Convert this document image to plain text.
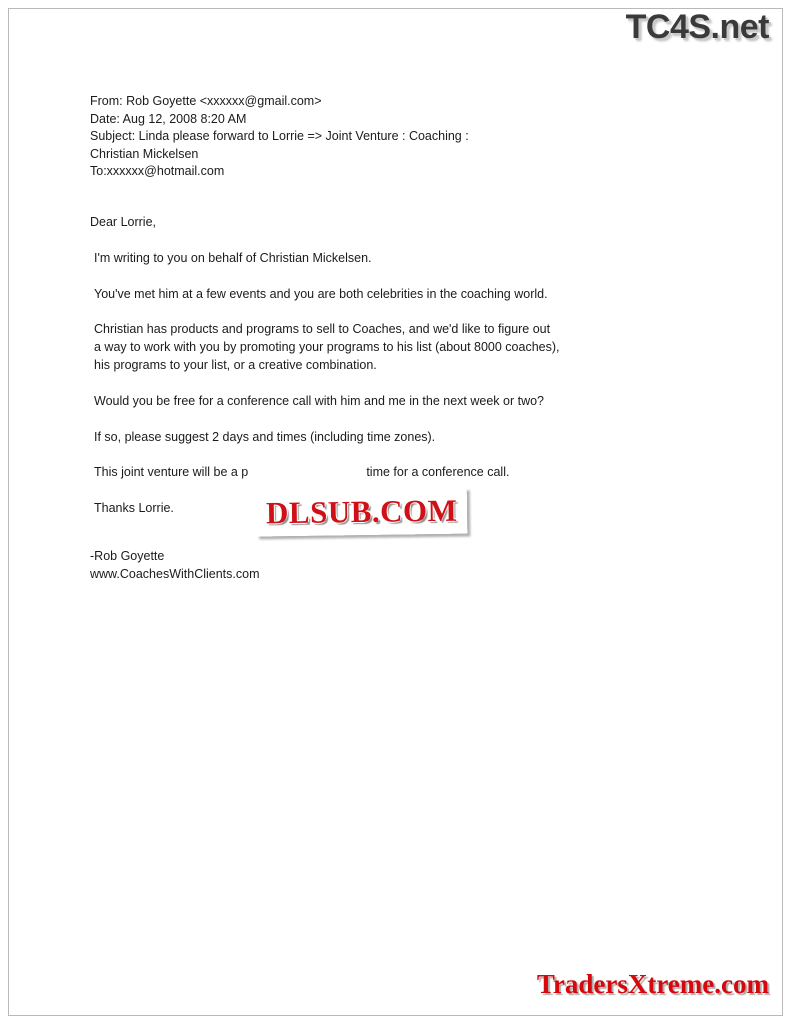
TC4S.net
From: Rob Goyette <xxxxxx@gmail.com>
Date: Aug 12, 2008 8:20 AM
Subject: Linda please forward to Lorrie => Joint Venture : Coaching :
Christian Mickelsen
To:xxxxxx@hotmail.com

Dear Lorrie,

I'm writing to you on behalf of Christian Mickelsen.

You've met him at a few events and you are both celebrities in the coaching world.

Christian has products and programs to sell to Coaches, and we'd like to figure out a way to work with you by promoting your programs to his list (about 8000 coaches), his programs to your list, or a creative combination.

Would you be free for a conference call with him and me in the next week or two?

If so, please suggest 2 days and times (including time zones).

This joint venture will be a p                                  time for a conference call.

Thanks Lorrie.

-Rob Goyette
www.CoachesWithClients.com
DLSUB.COM
TradersXtreme.com
